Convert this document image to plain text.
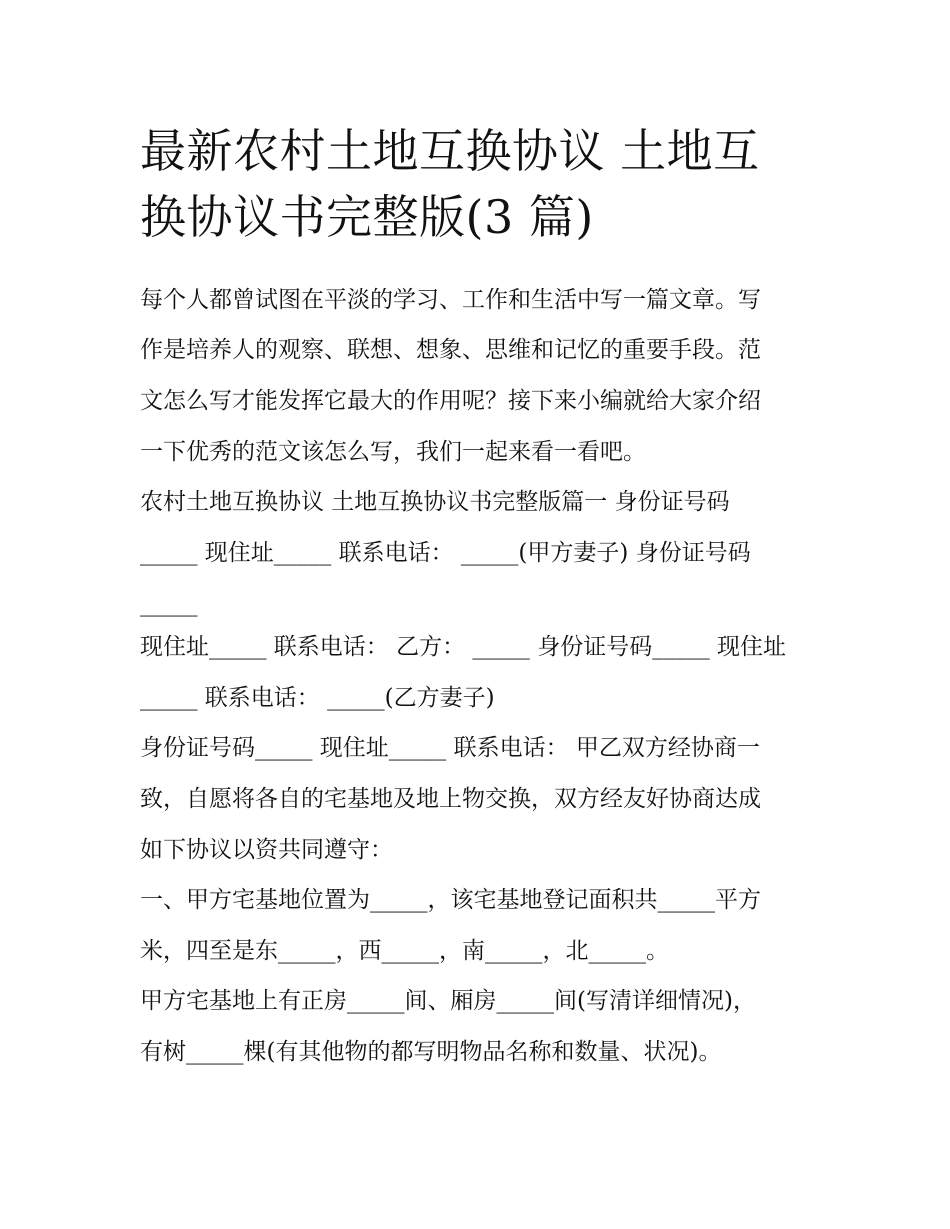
最新农村土地互换协议 土地互
换协议书完整版(3 篇)

每个人都曾试图在平淡的学习、工作和生活中写一篇文章。写

作是培养人的观察、联想、想象、思维和记忆的重要手段。范

文怎么写才能发挥它最大的作用呢？接下来小编就给大家介绍

一下优秀的范文该怎么写，我们一起来看一看吧。

农村土地互换协议 土地互换协议书完整版篇一 身份证号码

_____ 现住址_____ 联系电话： _____(甲方妻子) 身份证号码

_____

现住址_____ 联系电话： 乙方： _____ 身份证号码_____ 现住址

_____ 联系电话： _____(乙方妻子)

身份证号码_____ 现住址_____ 联系电话： 甲乙双方经协商一

致，自愿将各自的宅基地及地上物交换，双方经友好协商达成

如下协议以资共同遵守：

一、甲方宅基地位置为_____，该宅基地登记面积共_____平方

米，四至是东_____，西_____，南_____，北_____。

甲方宅基地上有正房_____间、厢房_____间(写清详细情况)，

有树_____棵(有其他物的都写明物品名称和数量、状况)。
